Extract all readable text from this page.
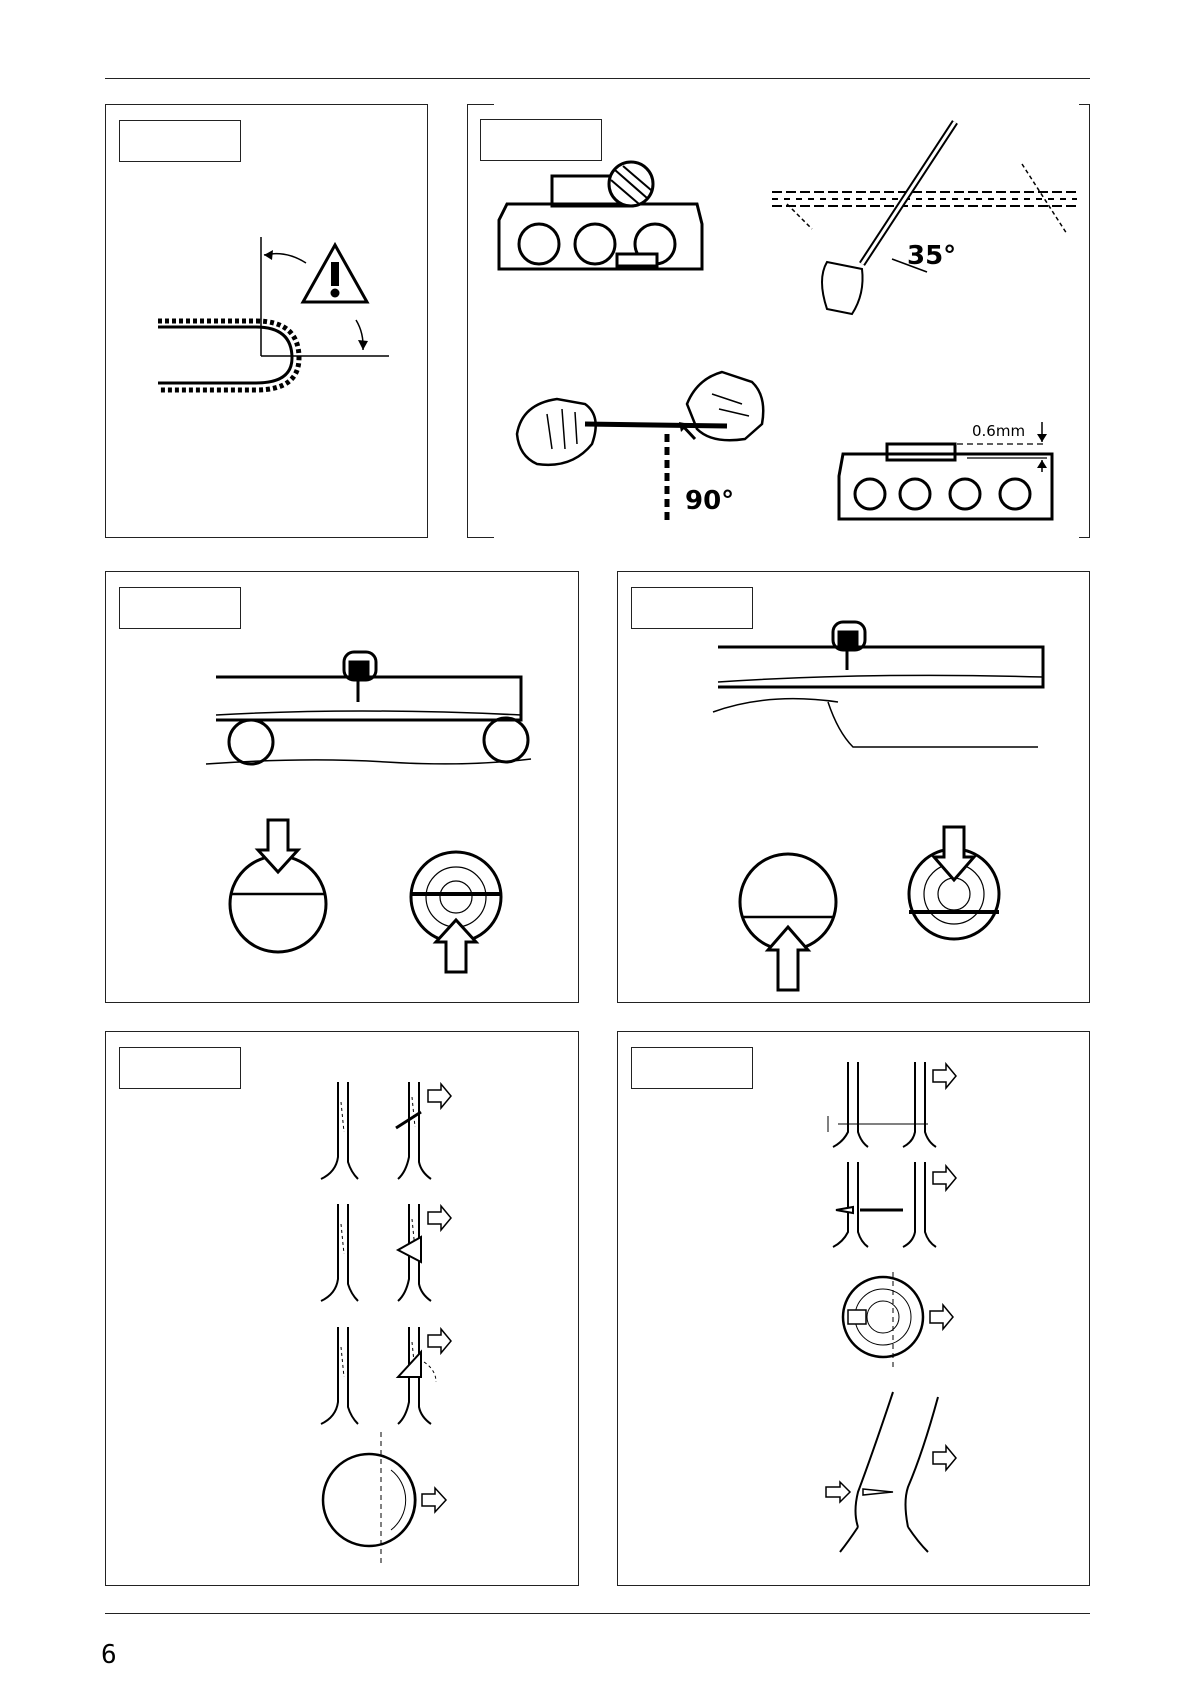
35°
90°
0.6mm
6
